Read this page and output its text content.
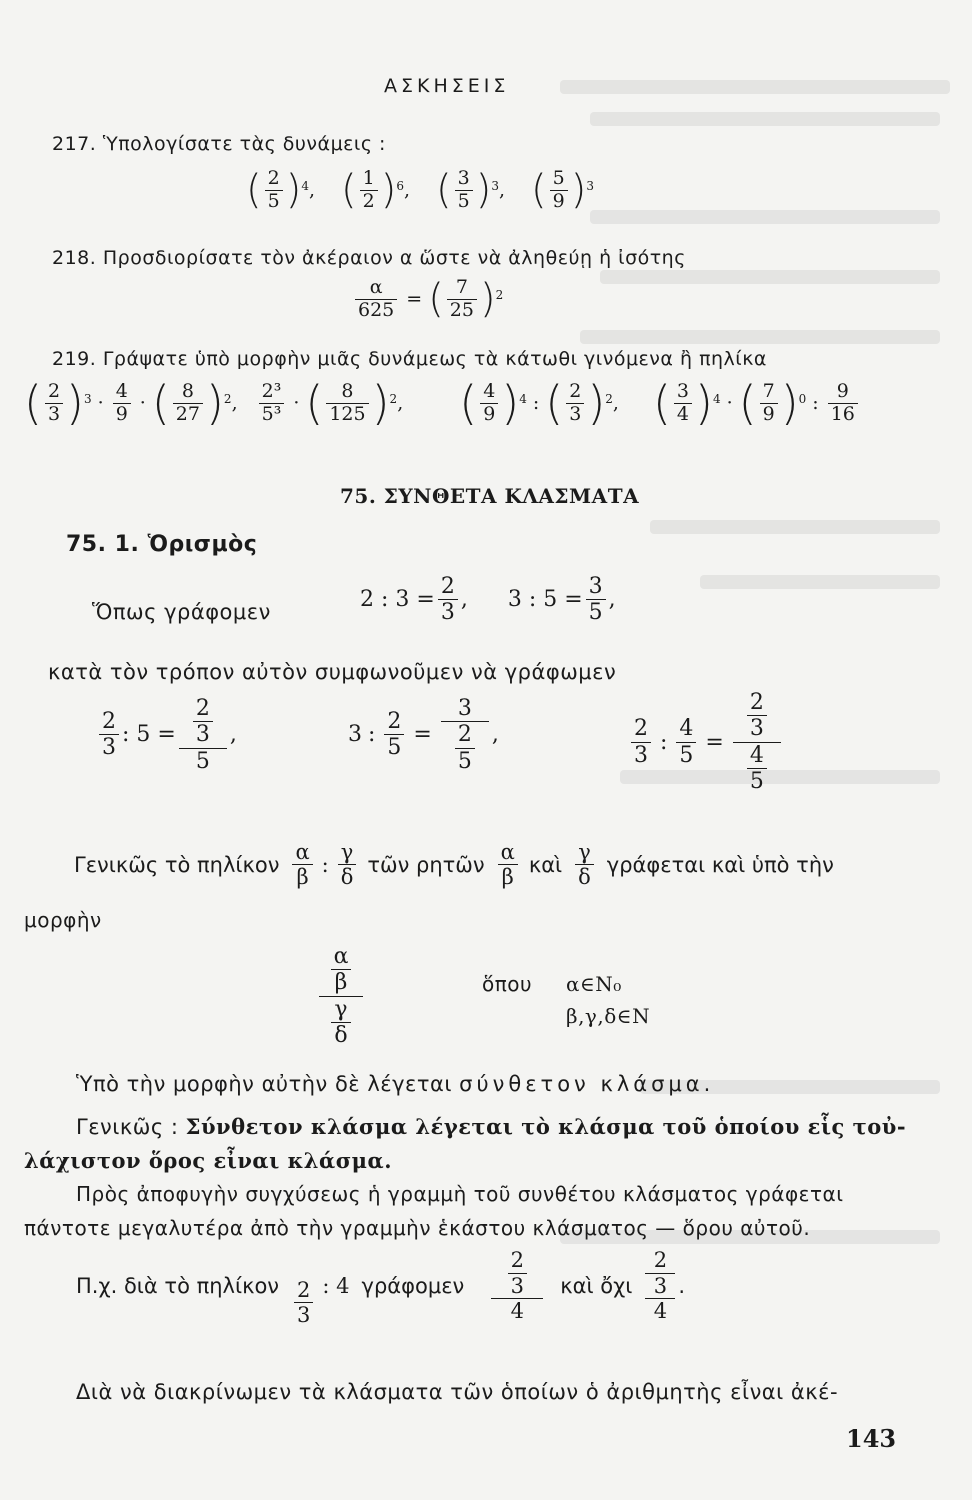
ΑΣΚΗΣΕΙΣ
217. Ὑπολογίσατε τὰς δυνάμεις :
( $\frac{2}{5} )^4$ , ( $\frac{1}{2} )^6$ , ( $\frac{3}{5} )^3$ , ( $\frac{5}{9} )^3$
218. Προσδιορίσατε τὸν ἀκέραιον α ὥστε νὰ ἀληθεύῃ ἡ ἰσότης
$\frac{\alpha}{625}$ = ( $\frac{7}{25} )^2$
219. Γράψατε ὑπὸ μορφὴν μιᾶς δυνάμεως τὰ κάτωθι γινόμενα ἢ πηλίκα
( $\frac{2}{3} )^3 \cdot \frac{4}{9}$ · ( $\frac{8}{27} )^2$ , $\frac{\text{2³}}{\text{5³}}$ · ( $\frac{8}{125} )^2$ , ( $\frac{4}{9} )^4$ : ( $\frac{2}{3} )^2$ , ( $\frac{3}{4} )^4$ · ( $\frac{7}{9} )^0$ : $\frac{9}{16}$
75. ΣΥΝΘΕΤΑ ΚΛΑΣΜΑΤΑ
75. 1. Ὁρισμὸς
Ὅπως γράφομεν	2 : $3 = \frac{2}{3}$ , 3 : $5 = \frac{3}{5}$ ,
κατὰ τὸν τρόπον αὐτὸν συμφωνοῦμεν νὰ γράφωμεν
$\frac{2}{3}$ : $5 = \frac{\frac{2}{3}}{5}$ ,	3 : $\frac{2}{5} = \frac{3}{\frac{2}{5}}$ ,	$\frac{2}{3}$ : $\frac{4}{5} = \frac{\frac{2}{3}}{\frac{4}{5}}$
Γενικῶς τὸ πηλίκον $\frac{\alpha}{\beta}$ : $\frac{\gamma}{\delta}$ τῶν ρητῶν $\frac{\alpha}{\beta}$ καὶ $\frac{\gamma}{\delta}$ γράφεται καὶ ὑπὸ τὴν
μορφὴν
$\frac{\frac{\alpha}{\beta}}{\frac{\gamma}{\delta}}$	ὅπου α∈N₀
β,γ,δ∈N
Ὑπὸ τὴν μορφὴν αὐτὴν δὲ λέγεται σύνθετον κλάσμα.
Γενικῶς : Σύνθετον κλάσμα λέγεται τὸ κλάσμα τοῦ ὁποίου εἷς τοὐ-
λάχιστον ὅρος εἶναι κλάσμα.
Πρὸς ἀποφυγὴν συγχύσεως ἡ γραμμὴ τοῦ συνθέτου κλάσματος γράφεται
πάντοτε μεγαλυτέρα ἀπὸ τὴν γραμμὴν ἑκάστου κλάσματος — ὅρου αὐτοῦ.
Π.χ. διὰ τὸ πηλίκον $\frac{2}{3}$ : 4 γράφομεν $\frac{\frac{2}{3}}{4}$ καὶ ὄχι
2
3
4
.
Διὰ νὰ διακρίνωμεν τὰ κλάσματα τῶν ὁποίων ὁ ἀριθμητὴς εἶναι ἀκέ-
143
